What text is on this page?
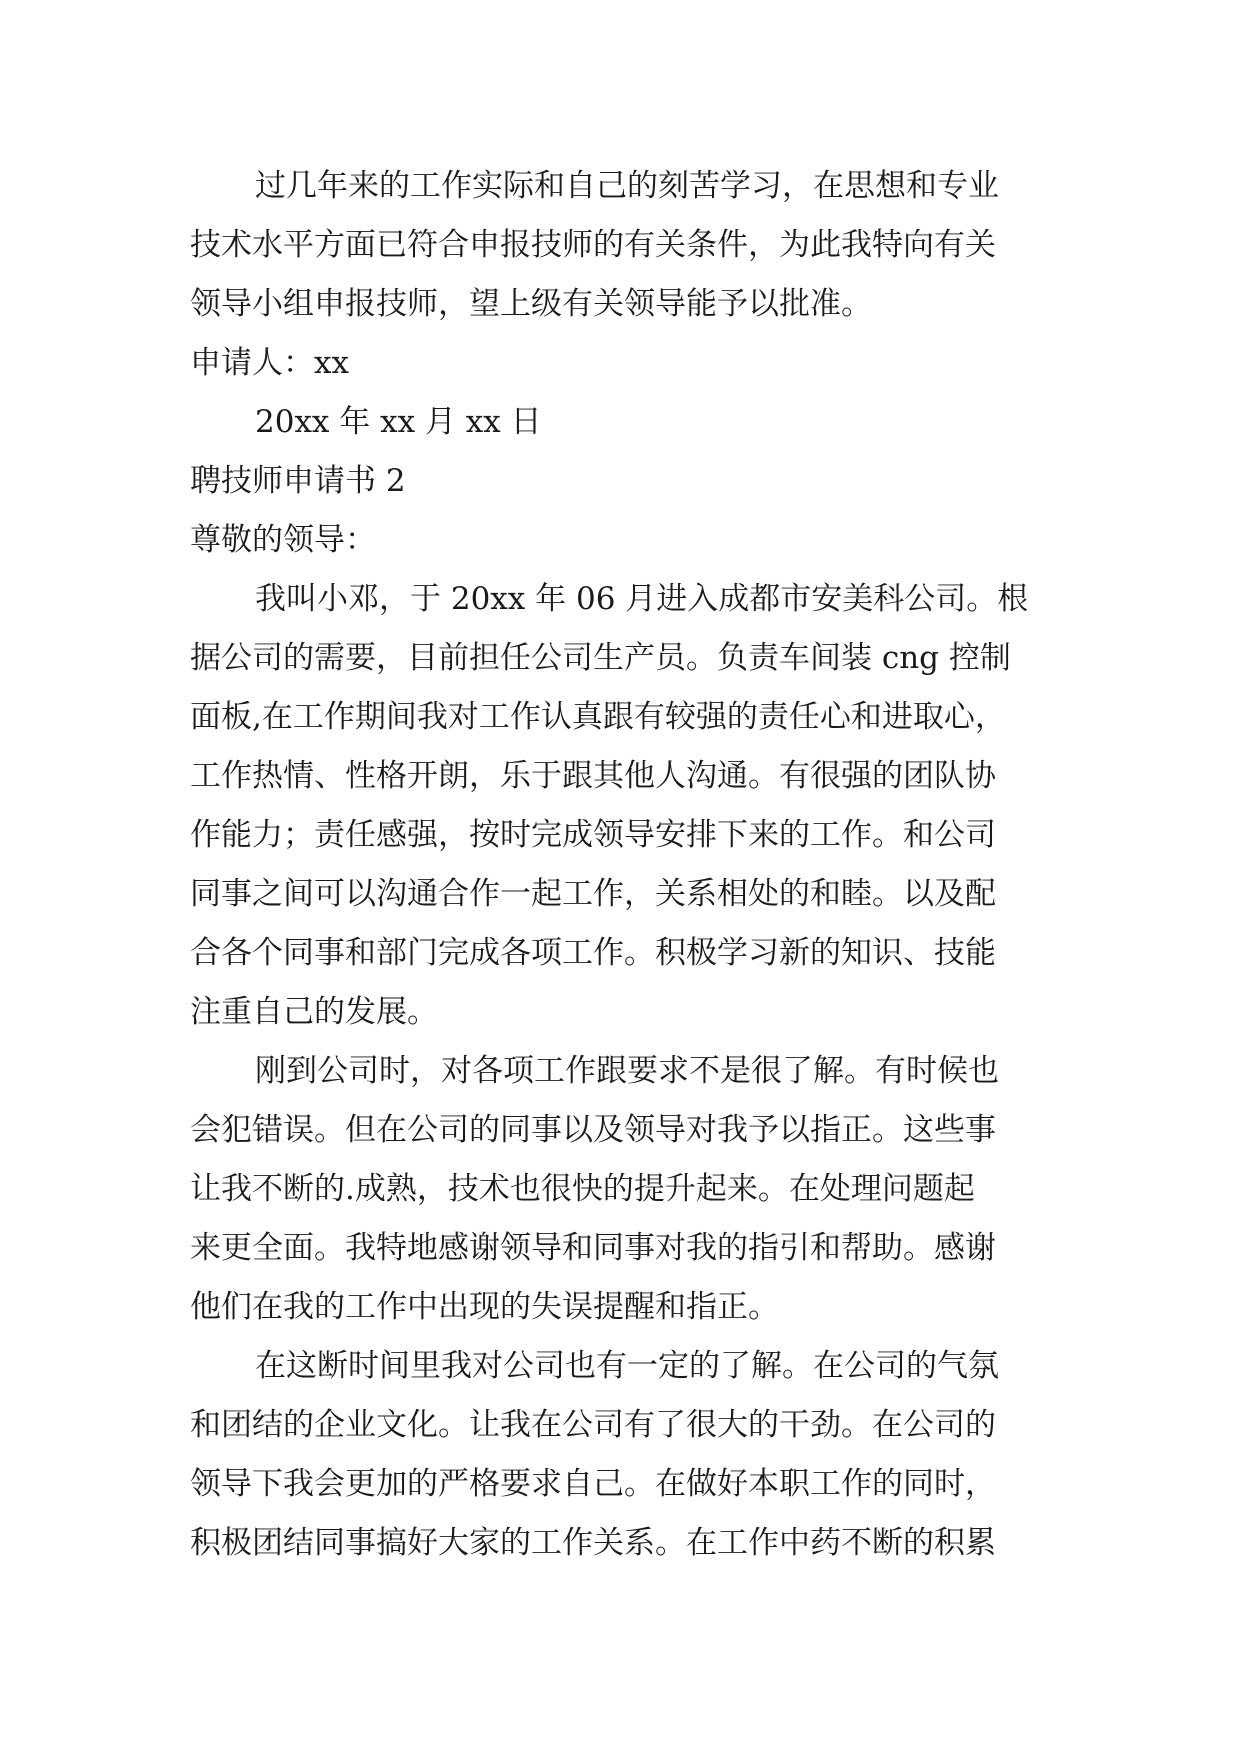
过几年来的工作实际和自己的刻苦学习，在思想和专业
技术水平方面已符合申报技师的有关条件，为此我特向有关
领导小组申报技师，望上级有关领导能予以批准。
申请人：xx
20xx 年 xx 月 xx 日
聘技师申请书 2
尊敬的领导：
我叫小邓，于 20xx 年 06 月进入成都市安美科公司。根
据公司的需要，目前担任公司生产员。负责车间装 cng 控制
面板,在工作期间我对工作认真跟有较强的责任心和进取心，
工作热情、性格开朗，乐于跟其他人沟通。有很强的团队协
作能力；责任感强，按时完成领导安排下来的工作。和公司
同事之间可以沟通合作一起工作，关系相处的和睦。以及配
合各个同事和部门完成各项工作。积极学习新的知识、技能
注重自己的发展。
刚到公司时，对各项工作跟要求不是很了解。有时候也
会犯错误。但在公司的同事以及领导对我予以指正。这些事
让我不断的.成熟，技术也很快的提升起来。在处理问题起
来更全面。我特地感谢领导和同事对我的指引和帮助。感谢
他们在我的工作中出现的失误提醒和指正。
在这断时间里我对公司也有一定的了解。在公司的气氛
和团结的企业文化。让我在公司有了很大的干劲。在公司的
领导下我会更加的严格要求自己。在做好本职工作的同时，
积极团结同事搞好大家的工作关系。在工作中药不断的积累
